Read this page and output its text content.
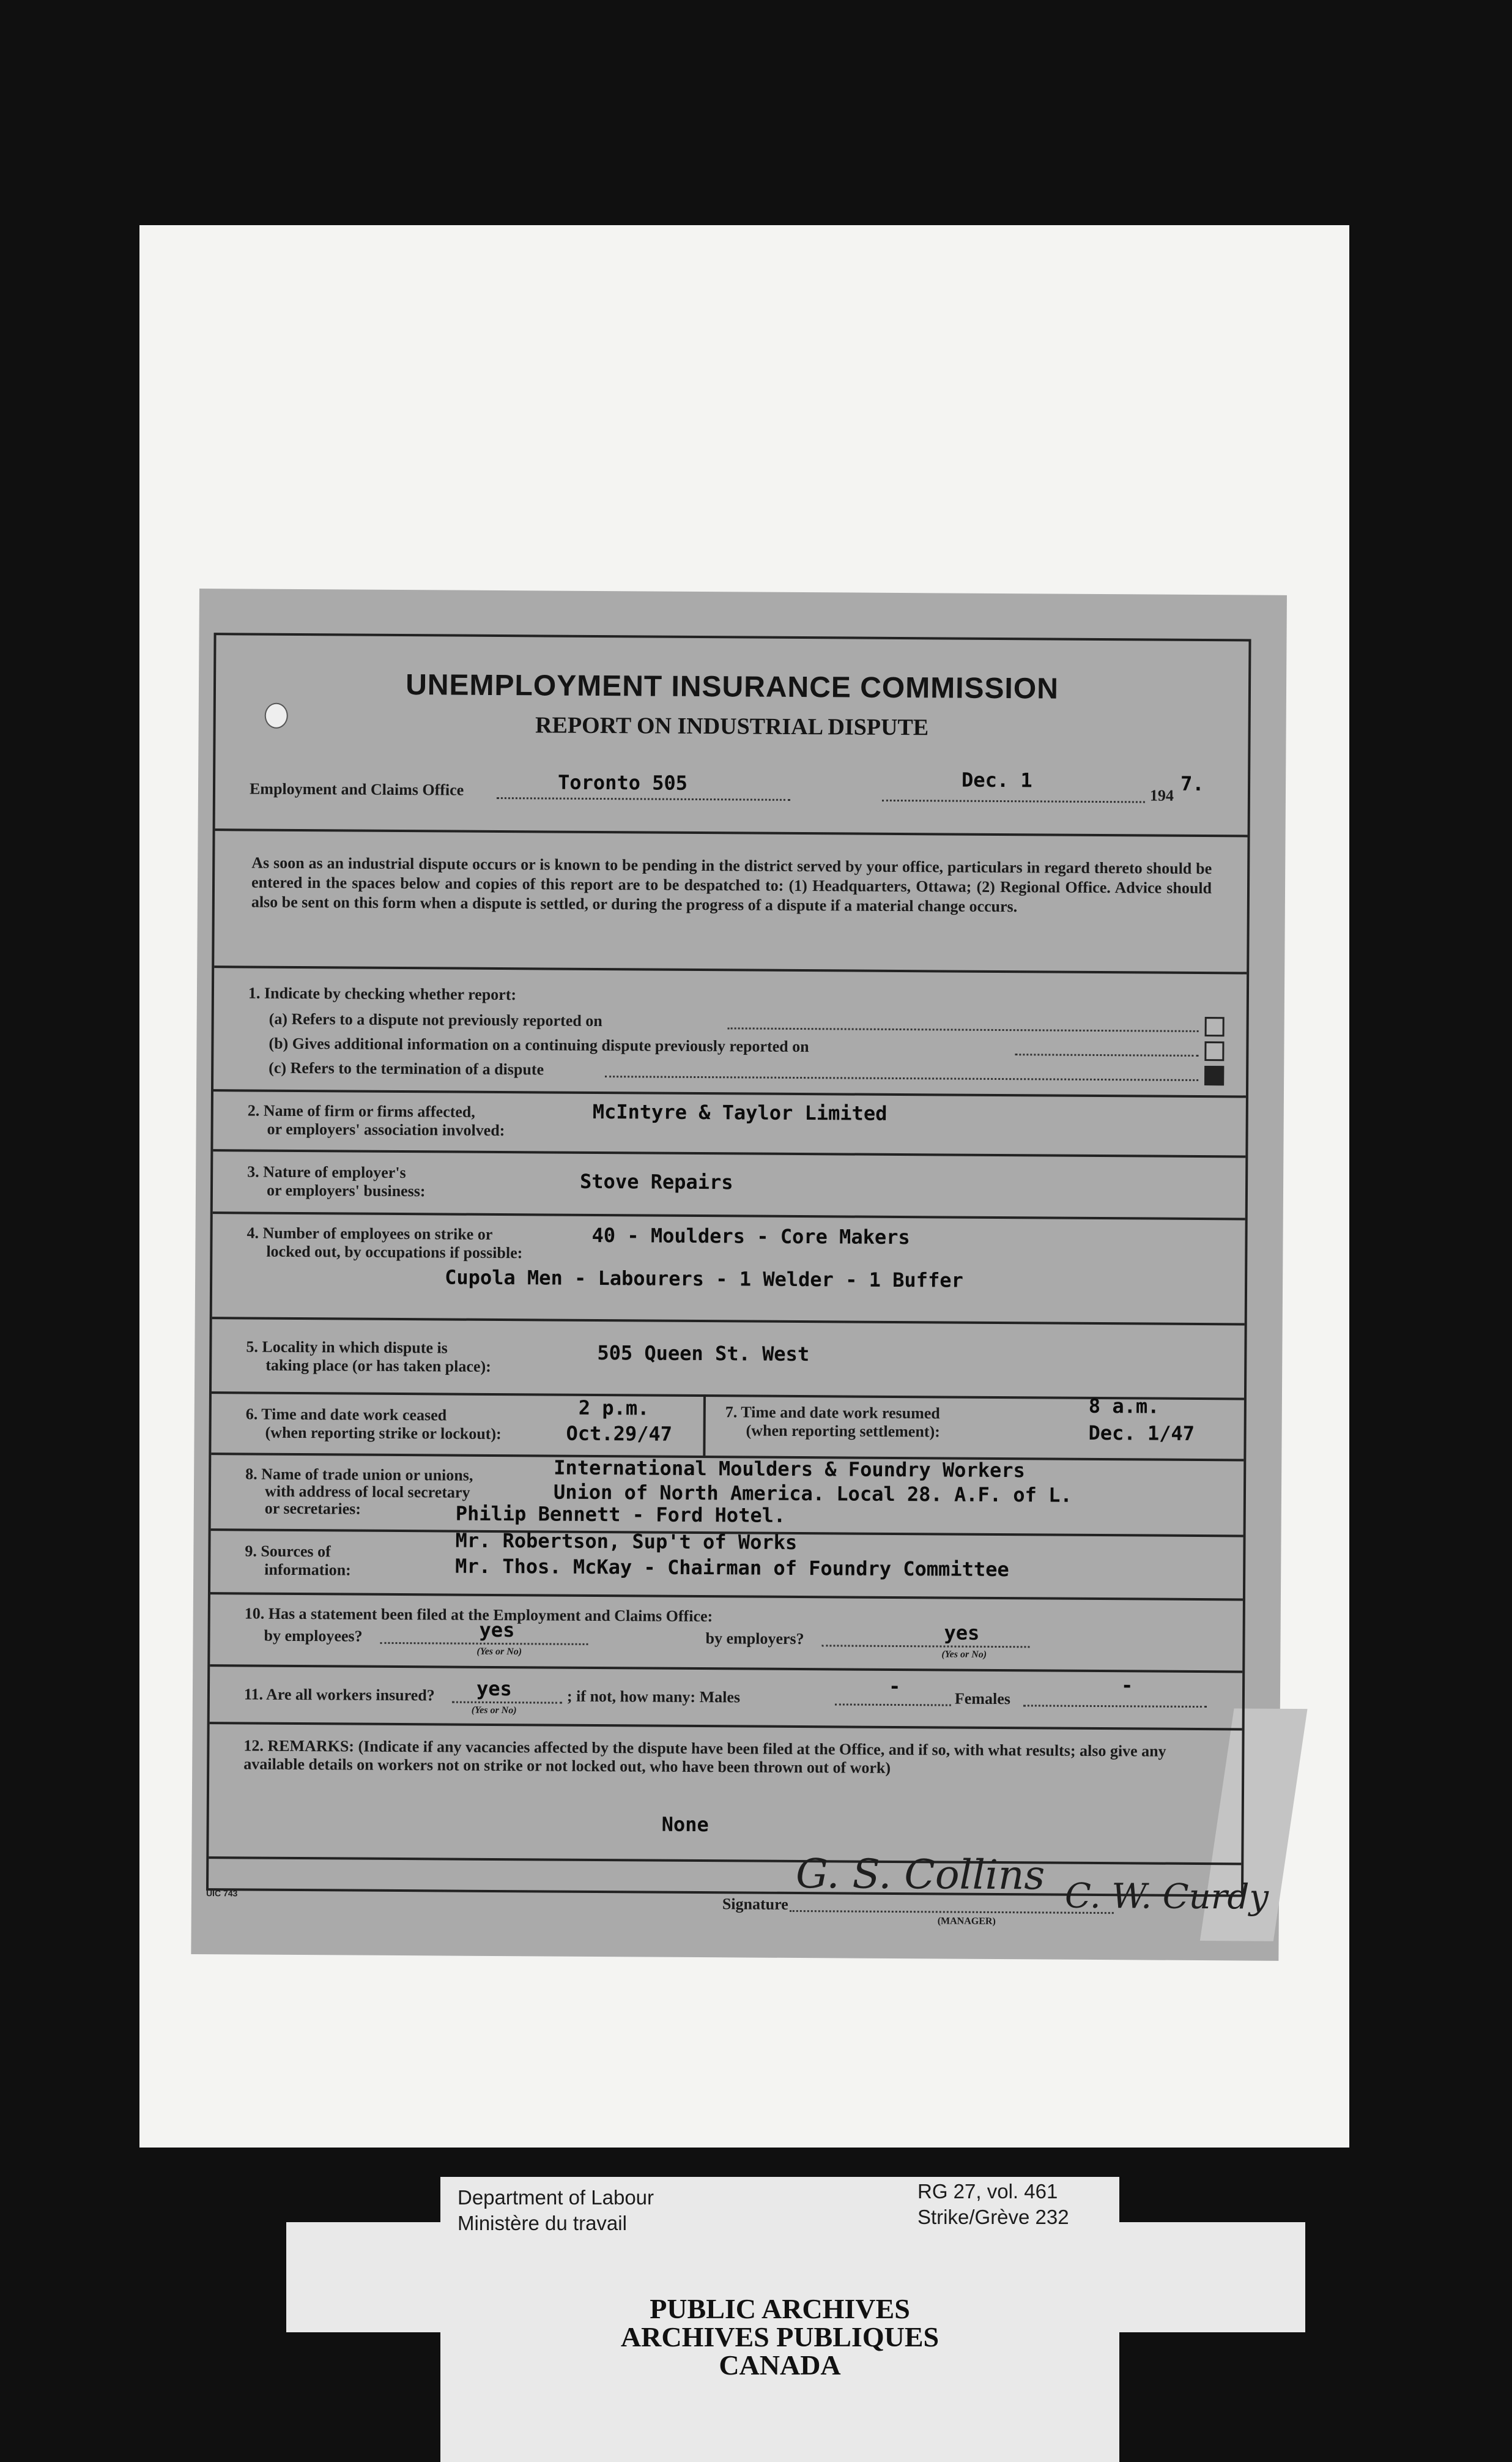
UNEMPLOYMENT INSURANCE COMMISSION
REPORT ON INDUSTRIAL DISPUTE
Employment and Claims Office	Toronto 505	Dec. 1
194
7.
As soon as an industrial dispute occurs or is known to be pending in the district served by your office, particulars in regard thereto should be entered in the spaces below and copies of this report are to be despatched to: (1) Headquarters, Ottawa; (2) Regional Office. Advice should also be sent on this form when a dispute is settled, or during the progress of a dispute if a material change occurs.
1. Indicate by checking whether report:
(a) Refers to a dispute not previously reported on
(b) Gives additional information on a continuing dispute previously reported on
(c) Refers to the termination of a dispute
2. Name of firm or firms affected,
or employers' association involved:
McIntyre & Taylor Limited
3. Nature of employer's
or employers' business:	Stove Repairs
4. Number of employees on strike or
locked out, by occupations if possible:
40 - Moulders - Core Makers
Cupola Men - Labourers - 1 Welder - 1 Buffer
5. Locality in which dispute is
taking place (or has taken place):
505 Queen St. West
6. Time and date work ceased
(when reporting strike or lockout):
2 p.m.
Oct.29/47
7. Time and date work resumed
(when reporting settlement):
8 a.m.
Dec. 1/47
8. Name of trade union or unions,
with address of local secretary
or secretaries:
International Moulders & Foundry Workers
Union of North America. Local 28. A.F. of L.
Philip Bennett - Ford Hotel.
9. Sources of
information:
Mr. Robertson, Sup't of Works
Mr. Thos. McKay - Chairman of Foundry Committee
10. Has a statement been filed at the Employment and Claims Office:
by employees?	yes
(Yes or No)
by employers?	yes
(Yes or No)
11. Are all workers insured? yes
(Yes or No)
; if not, how many: Males	-
Females
-
12. REMARKS: (Indicate if any vacancies affected by the dispute have been filed at the Office, and if so, with what results; also give any available details on workers not on strike or not locked out, who have been thrown out of work)
None
Signature
G. S. Collins
(MANAGER)
C. W. Curdy
UIC 743
Department of Labour
Ministère du travail
RG 27, vol. 461
Strike/Grève 232
PUBLIC ARCHIVES
ARCHIVES PUBLIQUES
CANADA
